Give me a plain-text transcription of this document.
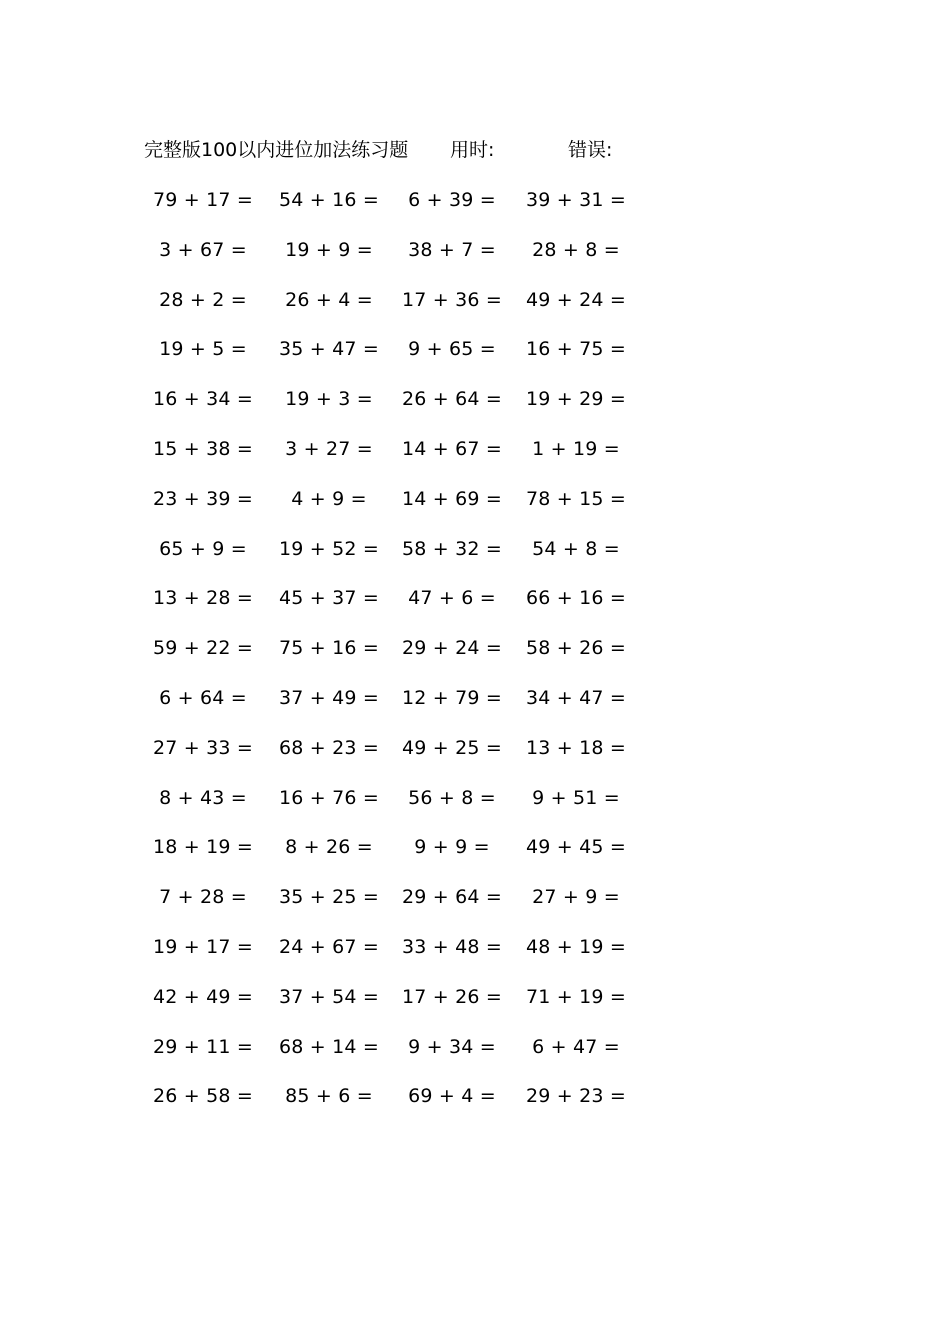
完整版100以内进位加法练习题 用时:	错误:
79 + 17 =	54 + 16 =	6 + 39 =	39 + 31 =
3 + 67 =	19 + 9 =	38 + 7 =	28 + 8 =
28 + 2 =	26 + 4 =	17 + 36 =	49 + 24 =
19 + 5 =	35 + 47 =	9 + 65 =	16 + 75 =
16 + 34 =	19 + 3 =	26 + 64 =	19 + 29 =
15 + 38 =	3 + 27 =	14 + 67 =	1 + 19 =
23 + 39 =	4 + 9 =	14 + 69 =	78 + 15 =
65 + 9 =	19 + 52 =	58 + 32 =	54 + 8 =
13 + 28 =	45 + 37 =	47 + 6 =	66 + 16 =
59 + 22 =	75 + 16 =	29 + 24 =	58 + 26 =
6 + 64 =	37 + 49 =	12 + 79 =	34 + 47 =
27 + 33 =	68 + 23 =	49 + 25 =	13 + 18 =
8 + 43 =	16 + 76 =	56 + 8 =	9 + 51 =
18 + 19 =	8 + 26 =	9 + 9 =	49 + 45 =
7 + 28 =	35 + 25 =	29 + 64 =	27 + 9 =
19 + 17 =	24 + 67 =	33 + 48 =	48 + 19 =
42 + 49 =	37 + 54 =	17 + 26 =	71 + 19 =
29 + 11 =	68 + 14 =	9 + 34 =	6 + 47 =
26 + 58 =	85 + 6 =	69 + 4 =	29 + 23 =
